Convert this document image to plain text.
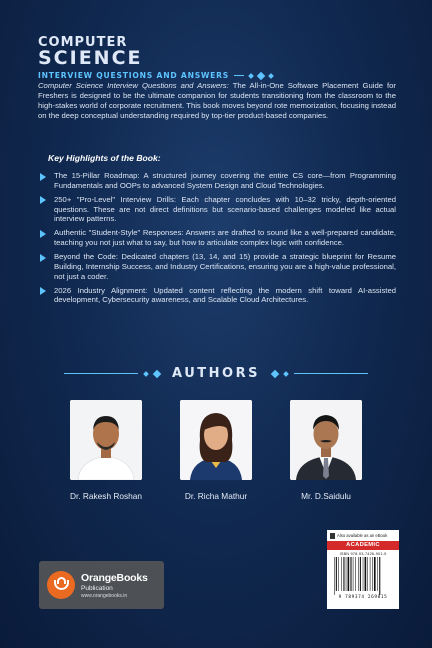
COMPUTER
SCIENCE
INTERVIEW QUESTIONS AND ANSWERS

Computer Science Interview Questions and Answers: The All-in-One Software Placement Guide for Freshers is designed to be the ultimate companion for students transitioning from the classroom to the high-stakes world of corporate recruitment. This book moves beyond rote memorization, focusing instead on the deep conceptual understanding required by top-tier product-based companies.

Key Highlights of the Book:
The 15-Pillar Roadmap: A structured journey covering the entire CS core—from Programming Fundamentals and OOPs to advanced System Design and Cloud Technologies.
250+ "Pro-Level" Interview Drills: Each chapter concludes with 10–32 tricky, depth-oriented questions. These are not direct definitions but scenario-based challenges modeled like actual interview patterns.
Authentic "Student-Style" Responses: Answers are drafted to sound like a well-prepared candidate, teaching you not just what to say, but how to articulate complex logic with confidence.
Beyond the Code: Dedicated chapters (13, 14, and 15) provide a strategic blueprint for Resume Building, Internship Success, and Industry Certifications, ensuring you are a high-value professional, not just a coder.
2026 Industry Alignment: Updated content reflecting the modern shift toward AI-assisted development, Cybersecurity awareness, and Scalable Cloud Architectures.
AUTHORS
Dr. Rakesh Roshan	Dr. Richa Mathur	Mr. D.Saidulu
OrangeBooks
Publication
www.orangebooks.in
Also available as an eBook
ACADEMIC
ISBN 978-93-7426-901-5
9 789374 269015
